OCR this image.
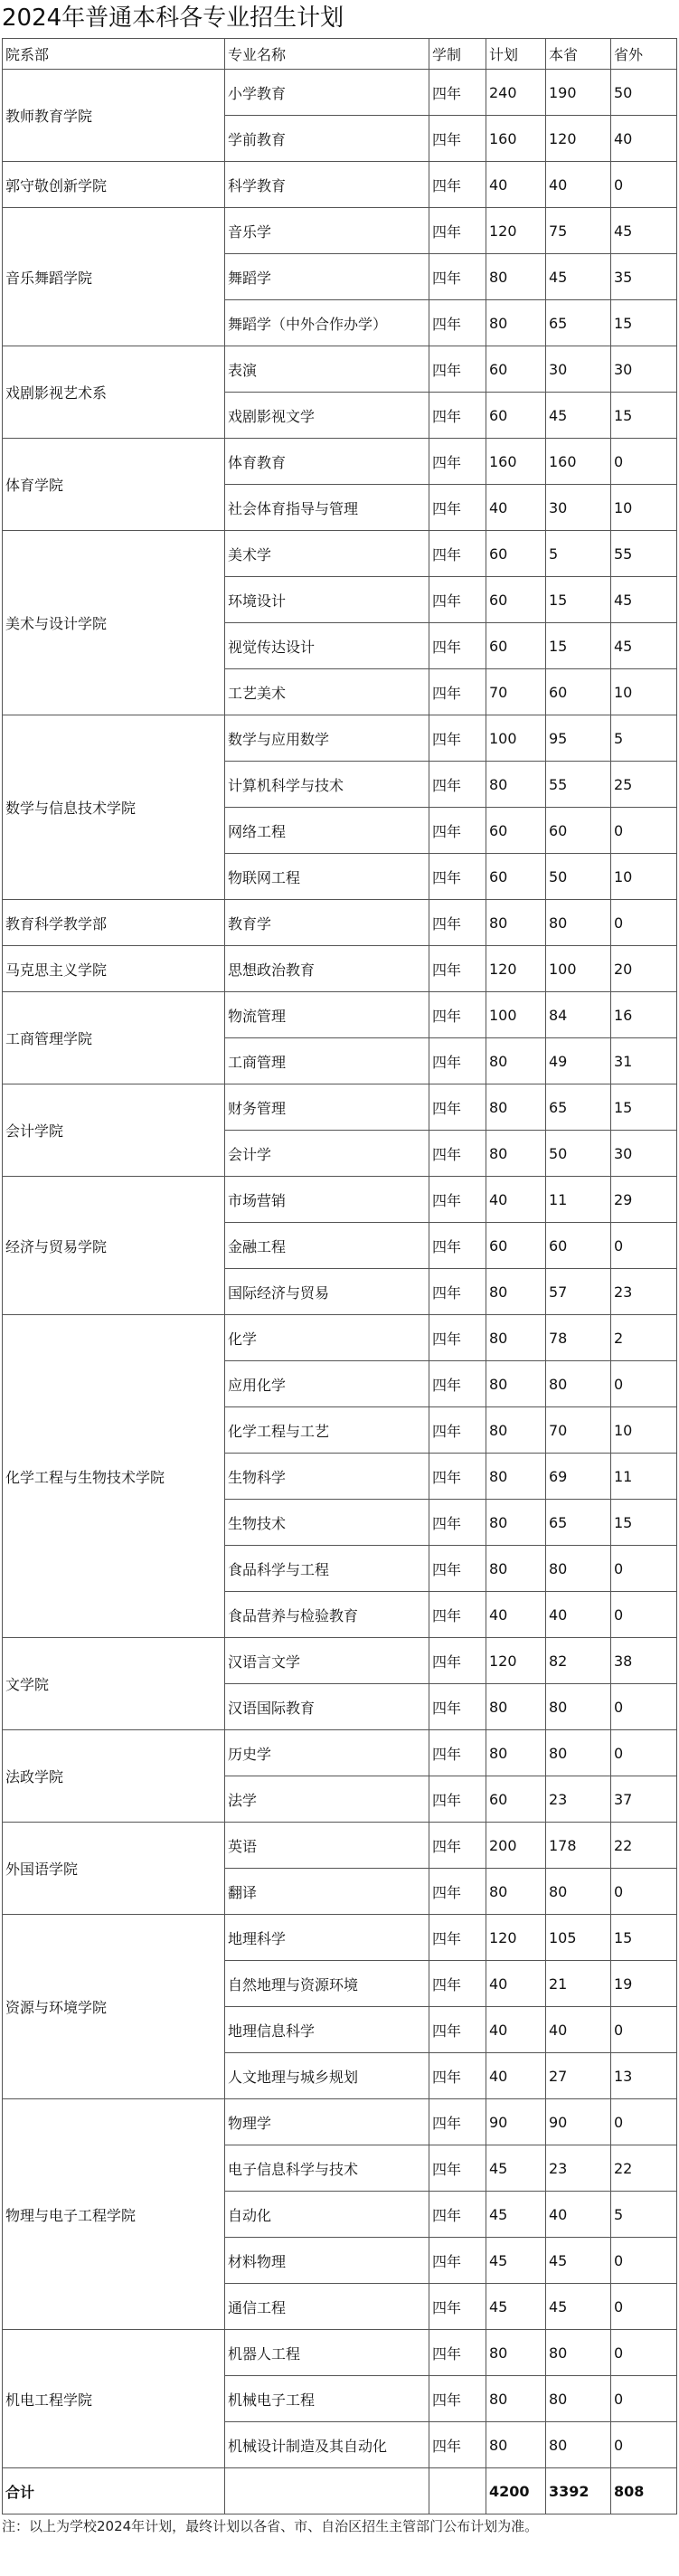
2024年普通本科各专业招生计划
院系部	专业名称	学制	计划	本省	省外
教师教育学院	小学教育	四年	240	190	50
	学前教育	四年	160	120	40
郭守敬创新学院	科学教育	四年	40	40	0
音乐舞蹈学院	音乐学	四年	120	75	45
	舞蹈学	四年	80	45	35
	舞蹈学（中外合作办学）	四年	80	65	15
戏剧影视艺术系	表演	四年	60	30	30
	戏剧影视文学	四年	60	45	15
体育学院	体育教育	四年	160	160	0
	社会体育指导与管理	四年	40	30	10
美术与设计学院	美术学	四年	60	5	55
	环境设计	四年	60	15	45
	视觉传达设计	四年	60	15	45
	工艺美术	四年	70	60	10
数学与信息技术学院	数学与应用数学	四年	100	95	5
	计算机科学与技术	四年	80	55	25
	网络工程	四年	60	60	0
	物联网工程	四年	60	50	10
教育科学教学部	教育学	四年	80	80	0
马克思主义学院	思想政治教育	四年	120	100	20
工商管理学院	物流管理	四年	100	84	16
	工商管理	四年	80	49	31
会计学院	财务管理	四年	80	65	15
	会计学	四年	80	50	30
经济与贸易学院	市场营销	四年	40	11	29
	金融工程	四年	60	60	0
	国际经济与贸易	四年	80	57	23
化学工程与生物技术学院	化学	四年	80	78	2
	应用化学	四年	80	80	0
	化学工程与工艺	四年	80	70	10
	生物科学	四年	80	69	11
	生物技术	四年	80	65	15
	食品科学与工程	四年	80	80	0
	食品营养与检验教育	四年	40	40	0
文学院	汉语言文学	四年	120	82	38
	汉语国际教育	四年	80	80	0
法政学院	历史学	四年	80	80	0
	法学	四年	60	23	37
外国语学院	英语	四年	200	178	22
	翻译	四年	80	80	0
资源与环境学院	地理科学	四年	120	105	15
	自然地理与资源环境	四年	40	21	19
	地理信息科学	四年	40	40	0
	人文地理与城乡规划	四年	40	27	13
物理与电子工程学院	物理学	四年	90	90	0
	电子信息科学与技术	四年	45	23	22
	自动化	四年	45	40	5
	材料物理	四年	45	45	0
	通信工程	四年	45	45	0
机电工程学院	机器人工程	四年	80	80	0
	机械电子工程	四年	80	80	0
	机械设计制造及其自动化	四年	80	80	0
合计			4200	3392	808
注：以上为学校2024年计划，最终计划以各省、市、自治区招生主管部门公布计划为准。
